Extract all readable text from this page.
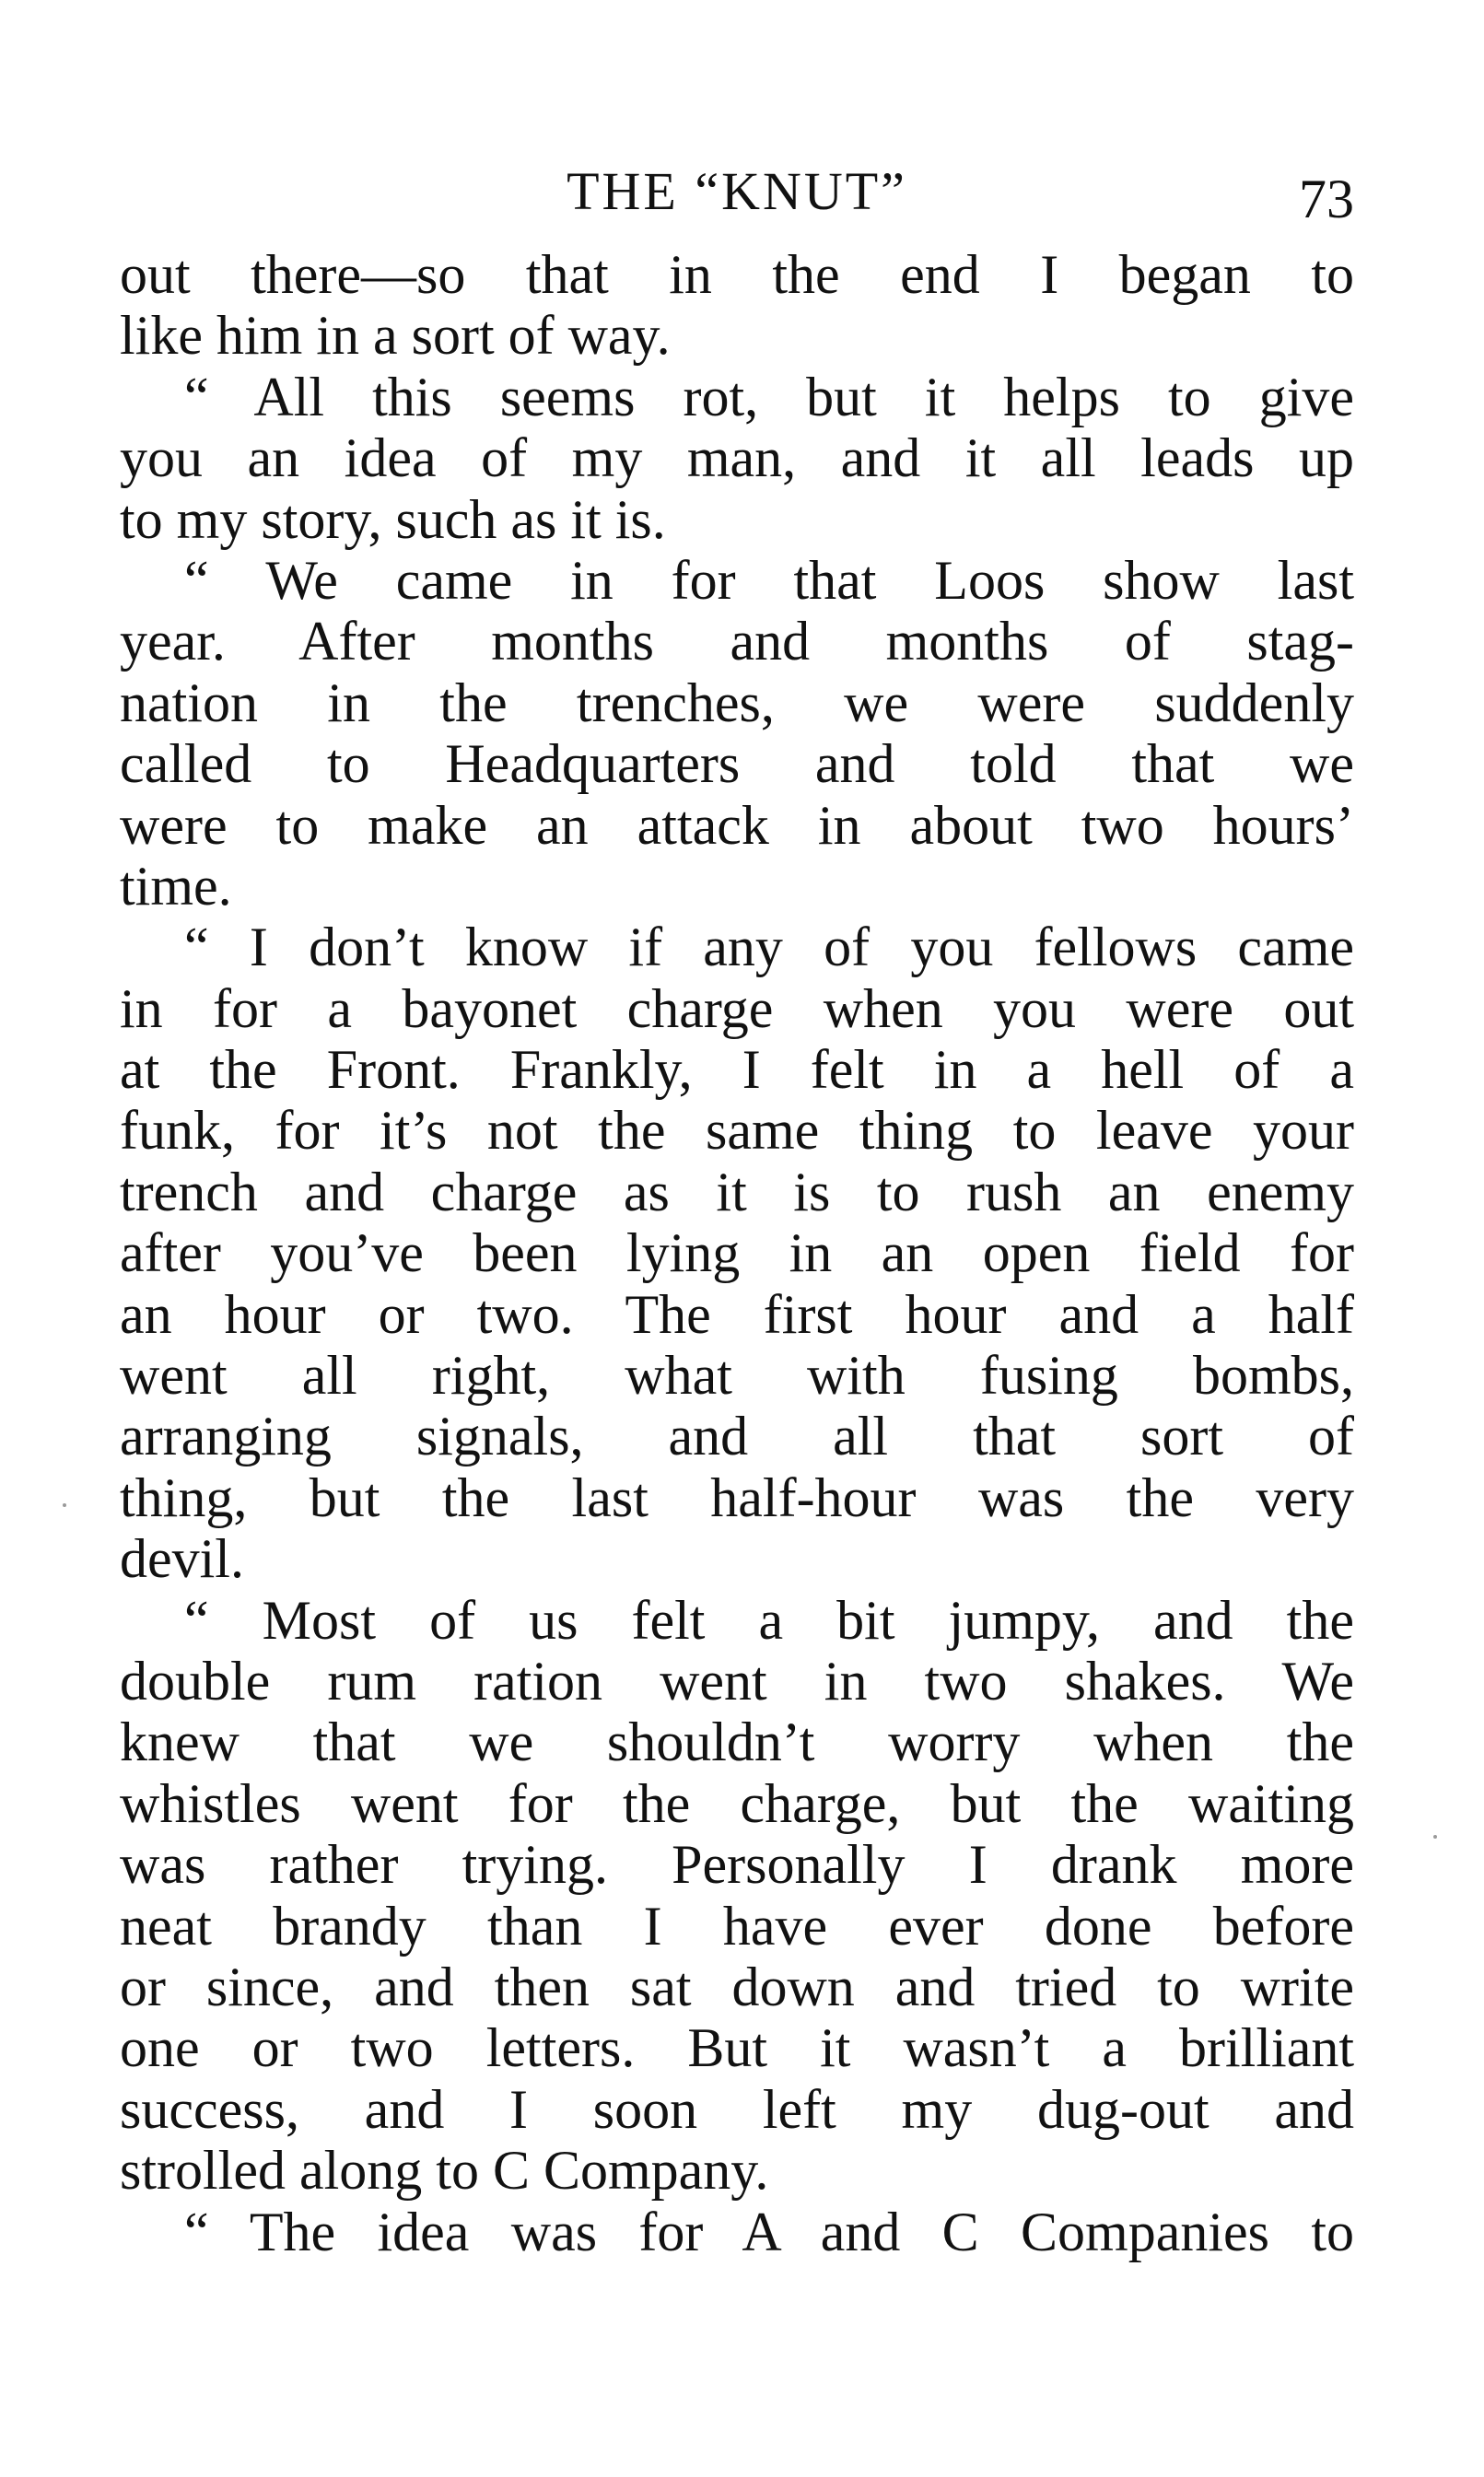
THE “KNUT”	73
out there—so that in the end I began to
like him in a sort of way.
“ All this seems rot, but it helps to give
you an idea of my man, and it all leads up
to my story, such as it is.
“ We came in for that Loos show last
year. After months and months of stag-
nation in the trenches, we were suddenly
called to Headquarters and told that we
were to make an attack in about two hours’
time.
“ I don’t know if any of you fellows came
in for a bayonet charge when you were out
at the Front. Frankly, I felt in a hell of a
funk, for it’s not the same thing to leave your
trench and charge as it is to rush an enemy
after you’ve been lying in an open field for
an hour or two. The first hour and a half
went all right, what with fusing bombs,
arranging signals, and all that sort of
thing, but the last half-hour was the very
devil.
“ Most of us felt a bit jumpy, and the
double rum ration went in two shakes. We
knew that we shouldn’t worry when the
whistles went for the charge, but the waiting
was rather trying. Personally I drank more
neat brandy than I have ever done before
or since, and then sat down and tried to write
one or two letters. But it wasn’t a brilliant
success, and I soon left my dug-out and
strolled along to C Company.
“ The idea was for A and C Companies to
